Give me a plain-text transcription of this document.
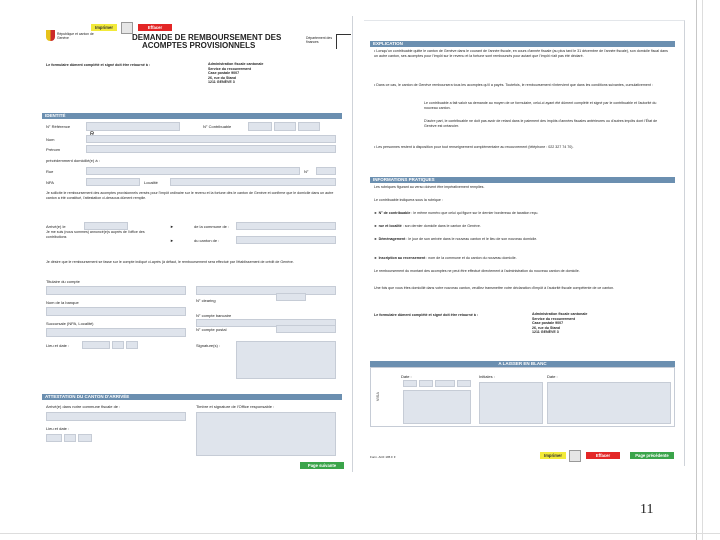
République et canton de Genève
Imprimer	Effacer
DEMANDE DE REMBOURSEMENT DES
ACOMPTES PROVISIONNELS
Département des finances
Le formulaire dûment complété et signé doit être retourné à :	Administration fiscale cantonale
Service du recouvrement
Case postale 9007
26, rue du Stand
1211 GENÈVE 3
IDENTITÉ
N° Référence	N° Contribuable
Nom
Prénom
précédemment domicilié(e) à :
Rue	N°
NPA	Localité
Je sollicite le remboursement des acomptes provisionnels versés pour l'impôt ordinaire sur le revenu et la fortune dès le canton de Genève et confirme que le domicile dans un autre canton a été constitué, l'attestation ci-dessous dûment remplie.
Arrivé(e) le
Je me suis (nous sommes) annoncé(e)s auprès de l'office des contributions
►	de la commune de :
►	du canton de :
Je désire que le remboursement se fasse sur le compte indiqué ci-après (à défaut, le remboursement sera effectué par l'établissement de crédit de Genève.
Titulaire du compte
Nom de la banque
Succursale (NPA, Localité)
N° clearing
N° compte bancaire
N° compte postal
Lieu et date :	Signature(s) :
ATTESTATION DU CANTON D'ARRIVÉE
Arrivé(e) dans notre commune fiscale de :	Timbre et signature de l'Office responsable :
Lieu et date :
Page suivante
EXPLICATION
• Lorsqu'un contribuable quitte le canton de Genève dans le courant de l'année fiscale, en cours d'année fiscale (au plus tard le 31 décembre de l'année fiscale), son domicile fiscal dans un autre canton, ses acomptes pour l'impôt sur le revenu et la fortune sont remboursés pour autant que l'impôt n'ait pas été déclaré.
• Dans ce cas, le canton de Genève remboursera tous les acomptes qu'il a payés. Toutefois, le remboursement n'intervient que dans les conditions suivantes, cumulativement :
Le contribuable a fait valoir sa demande au moyen de ce formulaire, celui-ci ayant été dûment complété et signé par le contribuable et l'autorité du nouveau canton.
D'autre part, le contribuable ne doit pas avoir de retard dans le paiement des impôts d'années fiscales antérieures ou d'autres impôts dont l'État de Genève est créancier.
• Les personnes restent à disposition pour tout renseignement complémentaire au recouvrement (téléphone : 022 327 74 70).
INFORMATIONS PRATIQUES
Les rubriques figurant au verso doivent être impérativement remplies.
Le contribuable indiquera sous la rubrique :
► N° de contribuable : le même numéro que celui qui figure sur le dernier bordereau de taxation reçu.
► rue et localité : son dernier domicile dans le canton de Genève.
► Déménagement : le jour de son arrivée dans le nouveau canton et le lieu de son nouveau domicile.
► Inscription au recensement : nom de la commune et du canton du nouveau domicile.
Le remboursement du montant des acomptes ne peut être effectué directement à l'administration du nouveau canton de domicile.
Une fois que vous êtes domicilié dans votre nouveau canton, veuillez transmettre votre déclaration d'impôt à l'autorité fiscale compétente de ce canton.
Le formulaire dûment complété et signé doit être retourné à :	Administration fiscale cantonale
Service du recouvrement
Case postale 9007
26, rue du Stand
1211 GENÈVE 3
A LAISSER EN BLANC
VISA
Date :	Initiales :	Date :
Form. ACF 195 F fr	Imprimer	Effacer	Page précédente
11
